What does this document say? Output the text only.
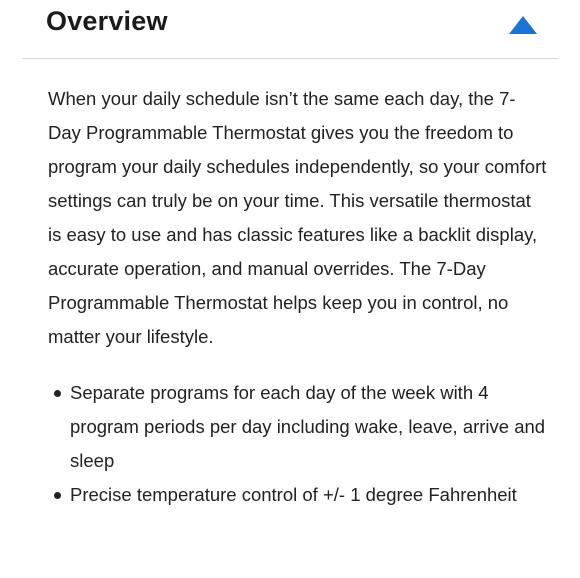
Overview

When your daily schedule isn’t the same each day, the 7-Day Programmable Thermostat gives you the freedom to program your daily schedules independently, so your comfort settings can truly be on your time. This versatile thermostat is easy to use and has classic features like a backlit display, accurate operation, and manual overrides. The 7-Day Programmable Thermostat helps keep you in control, no matter your lifestyle.

Separate programs for each day of the week with 4 program periods per day including wake, leave, arrive and sleep
Precise temperature control of +/- 1 degree Fahrenheit
